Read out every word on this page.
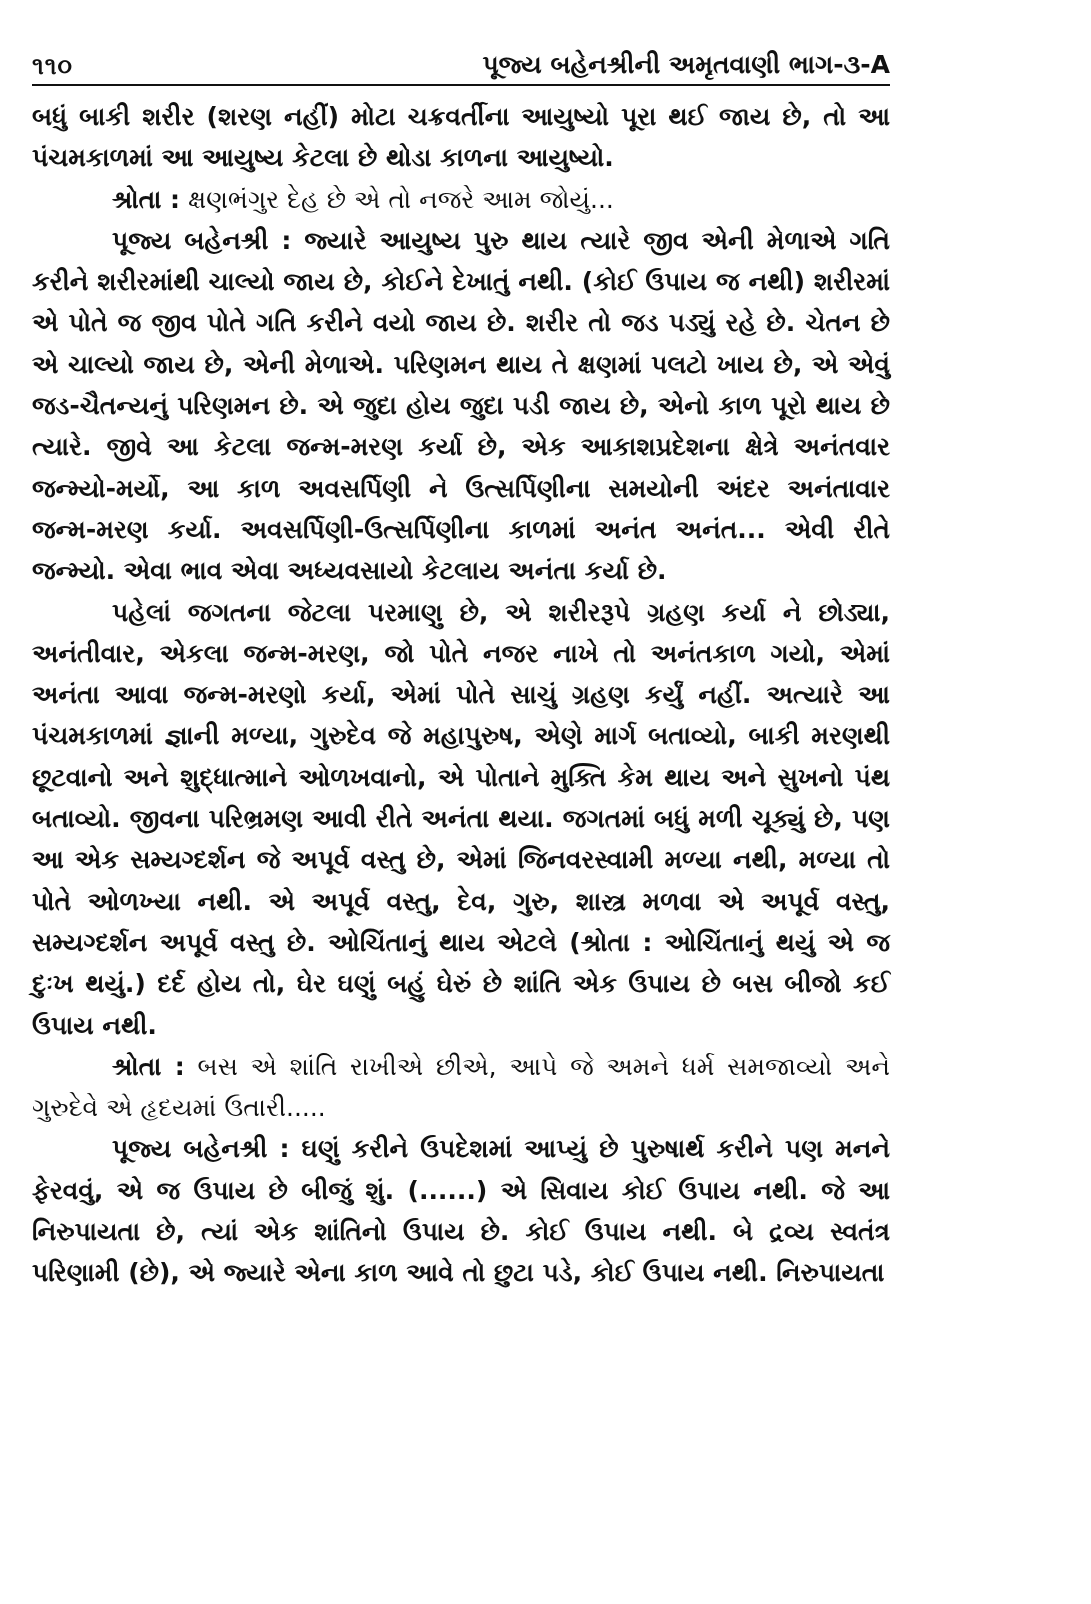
૧૧૦	પૂજ્ય બહેનશ્રીની અમૃતવાણી ભાગ-૩-A

બધું બાકી શરીર (શરણ નહીં) મોટા ચક્રવર્તીના આયુષ્યો પૂરા થઈ જાય છે, તો આ પંચમકાળમાં આ આયુષ્ય કેટલા છે થોડા કાળના આયુષ્યો.

શ્રોતા : ક્ષણભંગુર દેહ છે એ તો નજરે આમ જોયું...

પૂજ્ય બહેનશ્રી : જ્યારે આયુષ્ય પુરુ થાય ત્યારે જીવ એની મેળાએ ગતિ કરીને શરીરમાંથી ચાલ્યો જાય છે, કોઈને દેખાતું નથી. (કોઈ ઉપાય જ નથી) શરીરમાં એ પોતે જ જીવ પોતે ગતિ કરીને વયો જાય છે. શરીર તો જડ પડ્યું રહે છે. ચેતન છે એ ચાલ્યો જાય છે, એની મેળાએ. પરિણમન થાય તે ક્ષણમાં પલટો ખાય છે, એ એવું જડ-ચૈતન્યનું પરિણમન છે. એ જુદા હોય જુદા પડી જાય છે, એનો કાળ પૂરો થાય છે ત્યારે. જીવે આ કેટલા જન્મ-મરણ કર્યા છે, એક આકાશપ્રદેશના ક્ષેત્રે અનંતવાર જન્મ્યો-મર્યો, આ કાળ અવસર્પિણી ને ઉત્સર્પિણીના સમયોની અંદર અનંતાવાર જન્મ-મરણ કર્યા. અવસર્પિણી-ઉત્સર્પિણીના કાળમાં અનંત અનંત... એવી રીતે જન્મ્યો. એવા ભાવ એવા અધ્યવસાયો કેટલાય અનંતા કર્યા છે.

પહેલાં જગતના જેટલા પરમાણુ છે, એ શરીરરૂપે ગ્રહણ કર્યા ને છોડ્યા, અનંતીવાર, એકલા જન્મ-મરણ, જો પોતે નજર નાખે તો અનંતકાળ ગયો, એમાં અનંતા આવા જન્મ-મરણો કર્યા, એમાં પોતે સાચું ગ્રહણ કર્યું નહીં. અત્યારે આ પંચમકાળમાં જ્ઞાની મળ્યા, ગુરુદેવ જે મહાપુરુષ, એણે માર્ગ બતાવ્યો, બાકી મરણથી છૂટવાનો અને શુદ્ધાત્માને ઓળખવાનો, એ પોતાને મુક્તિ કેમ થાય અને સુખનો પંથ બતાવ્યો. જીવના પરિભ્રમણ આવી રીતે અનંતા થયા. જગતમાં બધું મળી ચૂક્યું છે, પણ આ એક સમ્યગ્દર્શન જે અપૂર્વ વસ્તુ છે, એમાં જિનવરસ્વામી મળ્યા નથી, મળ્યા તો પોતે ઓળખ્યા નથી. એ અપૂર્વ વસ્તુ, દેવ, ગુરુ, શાસ્ત્ર મળવા એ અપૂર્વ વસ્તુ, સમ્યગ્દર્શન અપૂર્વ વસ્તુ છે. ઓચિંતાનું થાય એટલે (શ્રોતા : ઓચિંતાનું થયું એ જ દુઃખ થયું.) દર્દ હોય તો, ઘેર ઘણું બહું ઘેરું છે શાંતિ એક ઉપાય છે બસ બીજો કઈ ઉપાય નથી.

શ્રોતા : બસ એ શાંતિ રાખીએ છીએ, આપે જે અમને ધર્મ સમજાવ્યો અને ગુરુદેવે એ હૃદયમાં ઉતારી.....

પૂજ્ય બહેનશ્રી : ઘણું કરીને ઉપદેશમાં આપ્યું છે પુરુષાર્થ કરીને પણ મનને ફેરવવું, એ જ ઉપાય છે બીજું શું. (......) એ સિવાય કોઈ ઉપાય નથી. જે આ નિરુપાયતા છે, ત્યાં એક શાંતિનો ઉપાય છે. કોઈ ઉપાય નથી. બે દ્રવ્ય સ્વતંત્ર પરિણામી (છે), એ જ્યારે એના કાળ આવે તો છુટા પડે, કોઈ ઉપાય નથી. નિરુપાયતા
